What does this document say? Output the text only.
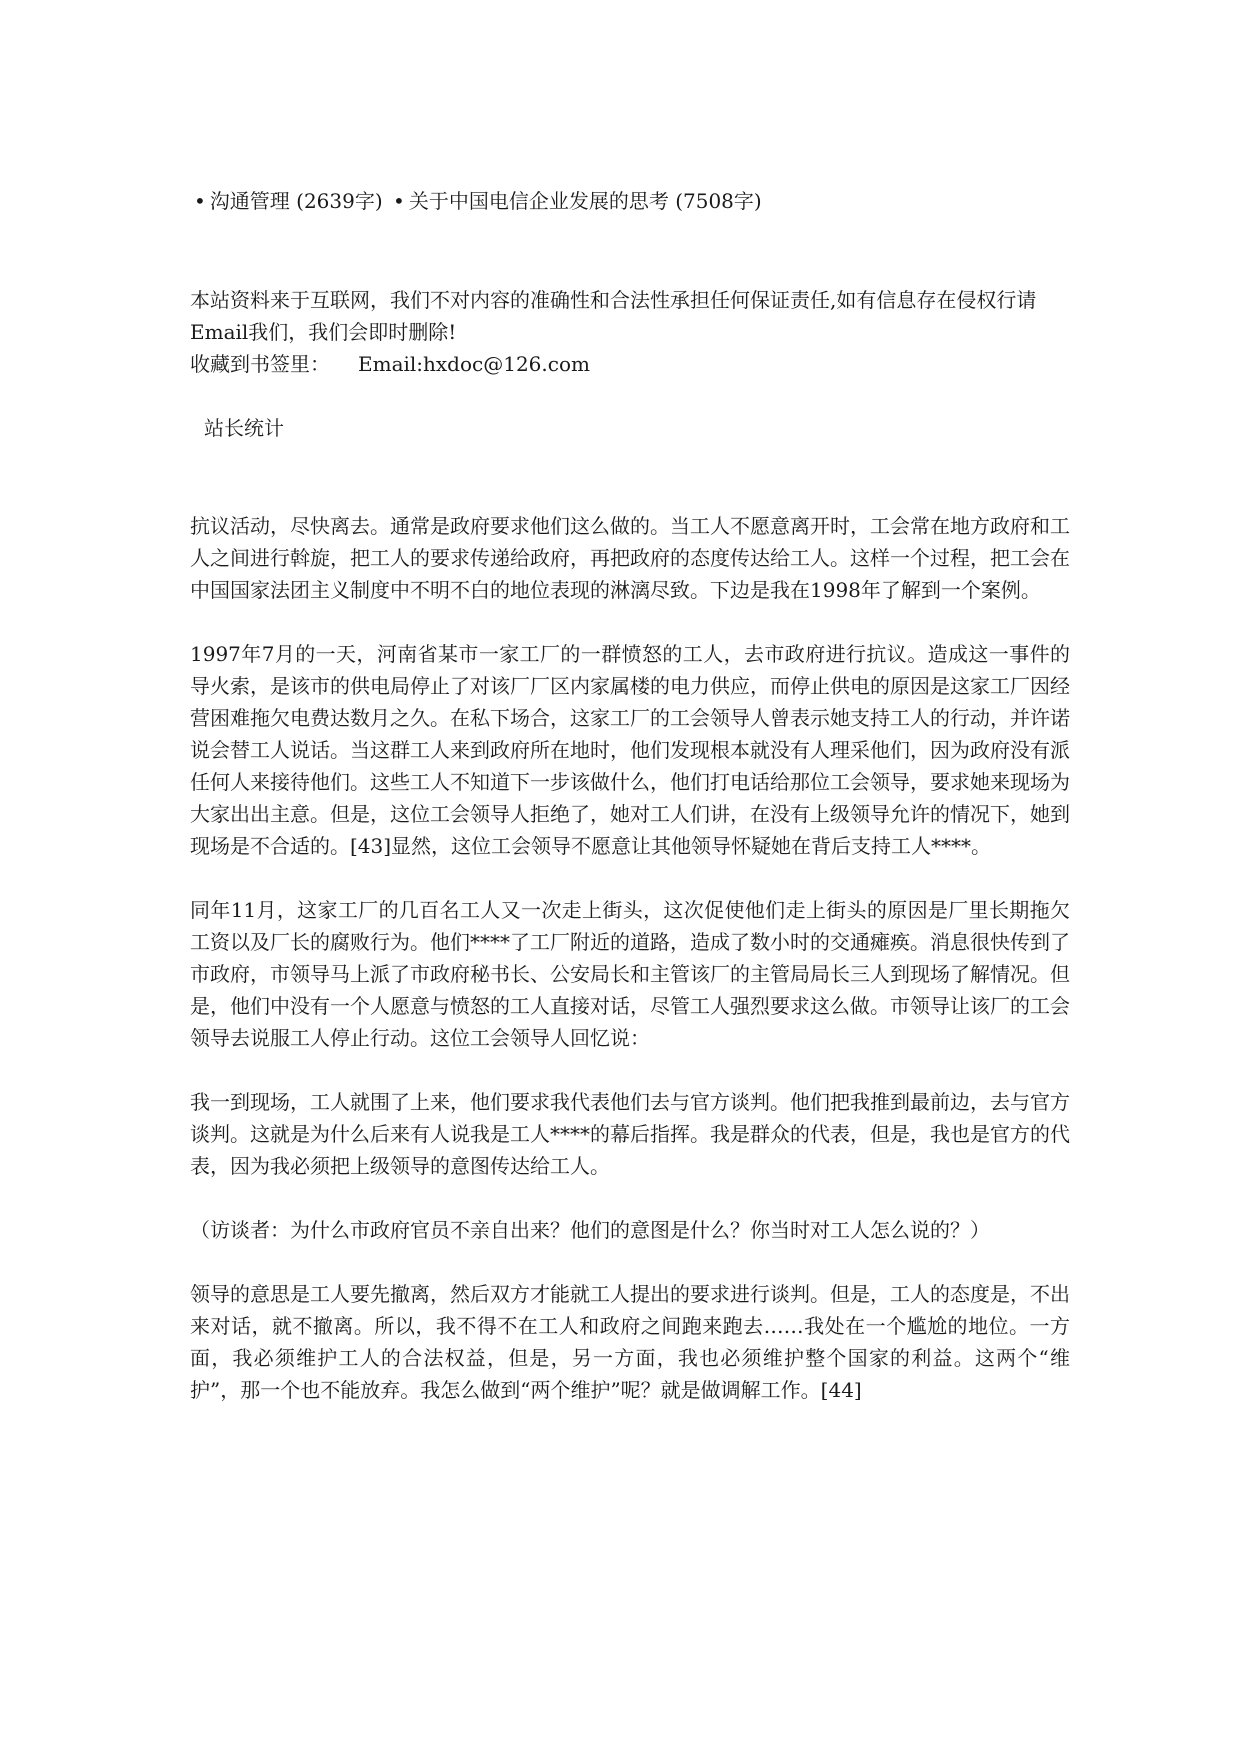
• 沟通管理 (2639字) • 关于中国电信企业发展的思考 (7508字)
本站资料来于互联网，我们不对内容的准确性和合法性承担任何保证责任,如有信息存在侵权行请Email我们，我们会即时删除!
收藏到书签里： Email:hxdoc@126.com
站长统计

抗议活动，尽快离去。通常是政府要求他们这么做的。当工人不愿意离开时，工会常在地方政府和工人之间进行斡旋，把工人的要求传递给政府，再把政府的态度传达给工人。这样一个过程，把工会在中国国家法团主义制度中不明不白的地位表现的淋漓尽致。下边是我在1998年了解到一个案例。

1997年7月的一天，河南省某市一家工厂的一群愤怒的工人，去市政府进行抗议。造成这一事件的导火索，是该市的供电局停止了对该厂厂区内家属楼的电力供应，而停止供电的原因是这家工厂因经营困难拖欠电费达数月之久。在私下场合，这家工厂的工会领导人曾表示她支持工人的行动，并许诺说会替工人说话。当这群工人来到政府所在地时，他们发现根本就没有人理采他们，因为政府没有派任何人来接待他们。这些工人不知道下一步该做什么，他们打电话给那位工会领导，要求她来现场为大家出出主意。但是，这位工会领导人拒绝了，她对工人们讲，在没有上级领导允许的情况下，她到现场是不合适的。[43]显然，这位工会领导不愿意让其他领导怀疑她在背后支持工人****。

同年11月，这家工厂的几百名工人又一次走上街头，这次促使他们走上街头的原因是厂里长期拖欠工资以及厂长的腐败行为。他们****了工厂附近的道路，造成了数小时的交通瘫痪。消息很快传到了市政府，市领导马上派了市政府秘书长、公安局长和主管该厂的主管局局长三人到现场了解情况。但是，他们中没有一个人愿意与愤怒的工人直接对话，尽管工人强烈要求这么做。市领导让该厂的工会领导去说服工人停止行动。这位工会领导人回忆说：

我一到现场，工人就围了上来，他们要求我代表他们去与官方谈判。他们把我推到最前边，去与官方谈判。这就是为什么后来有人说我是工人****的幕后指挥。我是群众的代表，但是，我也是官方的代表，因为我必须把上级领导的意图传达给工人。

（访谈者：为什么市政府官员不亲自出来？他们的意图是什么？你当时对工人怎么说的？）

领导的意思是工人要先撤离，然后双方才能就工人提出的要求进行谈判。但是，工人的态度是，不出来对话，就不撤离。所以，我不得不在工人和政府之间跑来跑去……我处在一个尴尬的地位。一方面，我必须维护工人的合法权益，但是，另一方面，我也必须维护整个国家的利益。这两个“维护”，那一个也不能放弃。我怎么做到“两个维护”呢？就是做调解工作。[44]
